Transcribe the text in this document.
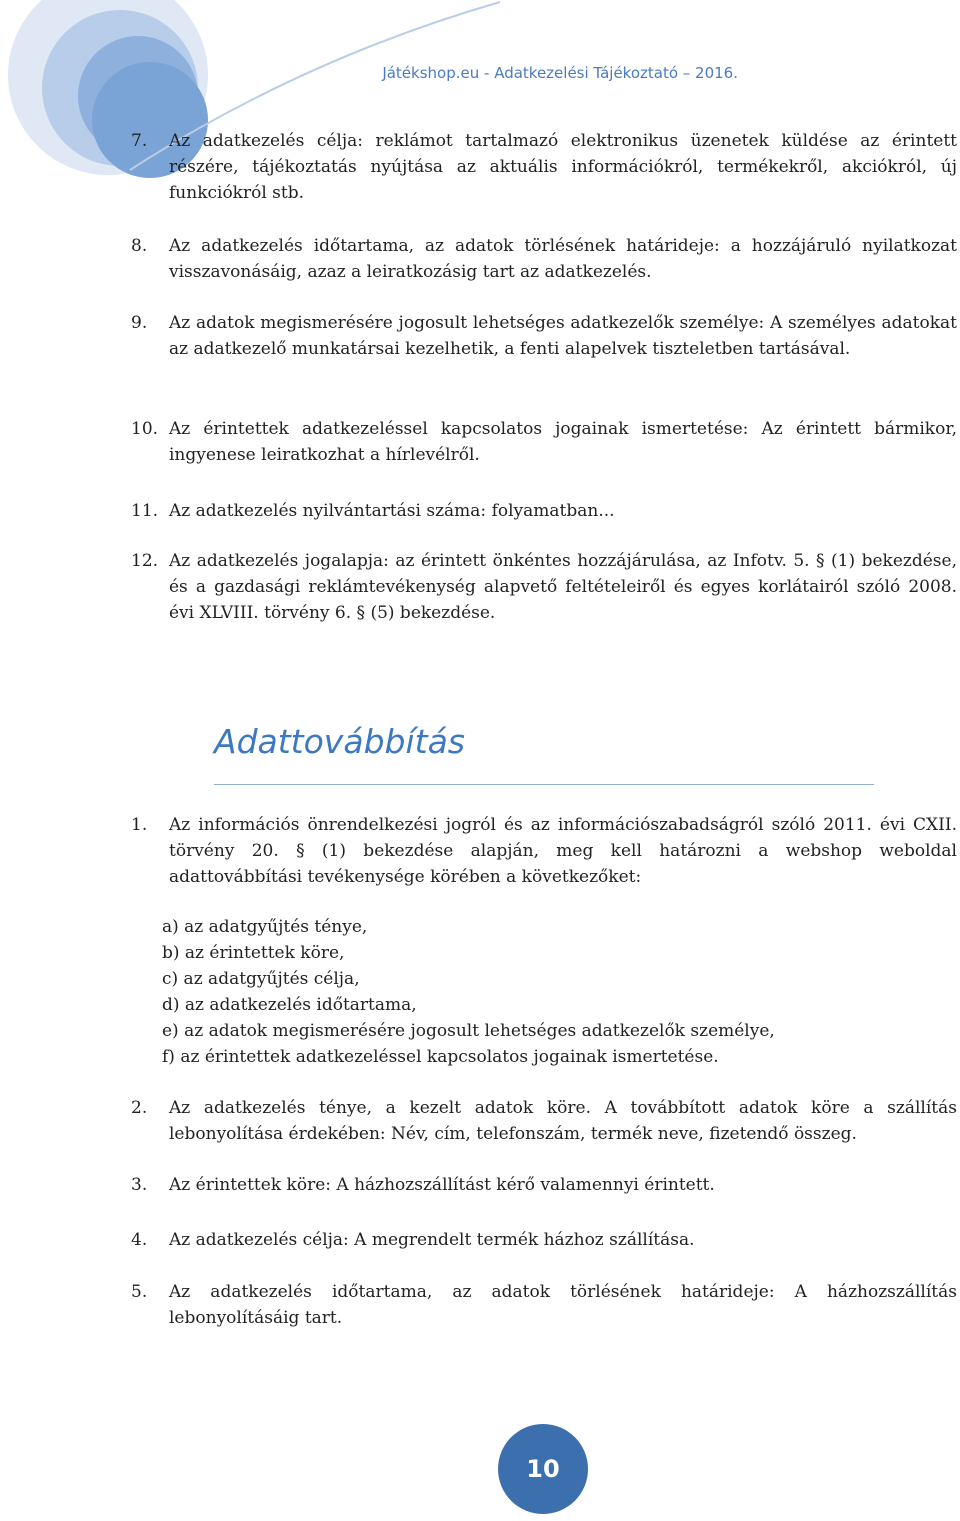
Játékshop.eu - Adatkezelési Tájékoztató – 2016.
7. Az adatkezelés célja: reklámot tartalmazó elektronikus üzenetek küldése az érintett részére, tájékoztatás nyújtása az aktuális információkról, termékekről, akciókról, új funkciókról stb.
8. Az adatkezelés időtartama, az adatok törlésének határideje: a hozzájáruló nyilatkozat visszavonásáig, azaz a leiratkozásig tart az adatkezelés.
9. Az adatok megismerésére jogosult lehetséges adatkezelők személye: A személyes adatokat az adatkezelő munkatársai kezelhetik, a fenti alapelvek tiszteletben tartásával.
10. Az érintettek adatkezeléssel kapcsolatos jogainak ismertetése: Az érintett bármikor, ingyenese leiratkozhat a hírlevélről.
11. Az adatkezelés nyilvántartási száma: folyamatban...
12. Az adatkezelés jogalapja: az érintett önkéntes hozzájárulása, az Infotv. 5. § (1) bekezdése, és a gazdasági reklámtevékenység alapvető feltételeiről és egyes korlátairól szóló 2008. évi XLVIII. törvény 6. § (5) bekezdése.
Adattovábbítás
1. Az információs önrendelkezési jogról és az információszabadságról szóló 2011. évi CXII. törvény 20. § (1) bekezdése alapján, meg kell határozni a webshop weboldal adattovábbítási tevékenysége körében a következőket:
a) az adatgyűjtés ténye,
b) az érintettek köre,
c) az adatgyűjtés célja,
d) az adatkezelés időtartama,
e) az adatok megismerésére jogosult lehetséges adatkezelők személye,
f) az érintettek adatkezeléssel kapcsolatos jogainak ismertetése.
2. Az adatkezelés ténye, a kezelt adatok köre. A továbbított adatok köre a szállítás lebonyolítása érdekében: Név, cím, telefonszám, termék neve, fizetendő összeg.
3. Az érintettek köre: A házhozszállítást kérő valamennyi érintett.
4. Az adatkezelés célja: A megrendelt termék házhoz szállítása.
5. Az adatkezelés időtartama, az adatok törlésének határideje: A házhozszállítás lebonyolításáig tart.
10
